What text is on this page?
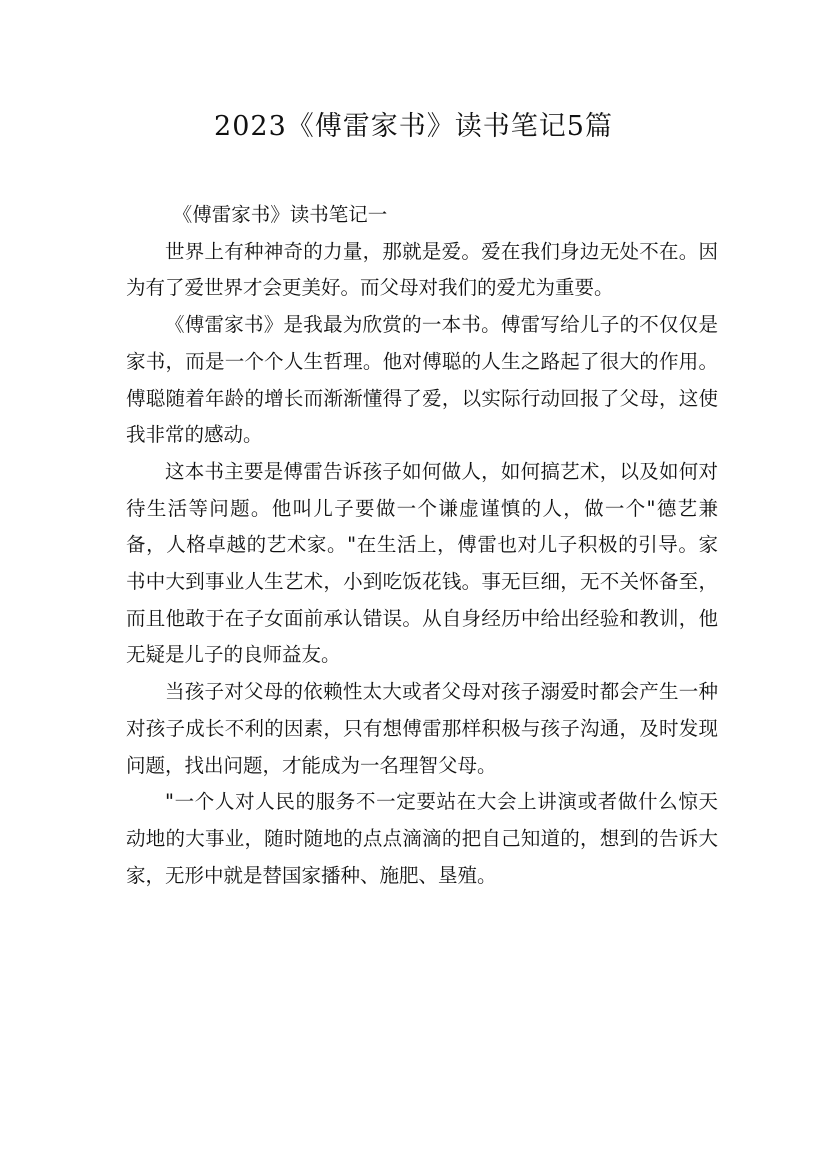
2023《傅雷家书》读书笔记5篇

《傅雷家书》读书笔记一

世界上有种神奇的力量，那就是爱。爱在我们身边无处不在。因为有了爱世界才会更美好。而父母对我们的爱尤为重要。

《傅雷家书》是我最为欣赏的一本书。傅雷写给儿子的不仅仅是家书，而是一个个人生哲理。他对傅聪的人生之路起了很大的作用。傅聪随着年龄的增长而渐渐懂得了爱，以实际行动回报了父母，这使我非常的感动。

这本书主要是傅雷告诉孩子如何做人，如何搞艺术，以及如何对待生活等问题。他叫儿子要做一个谦虚谨慎的人，做一个"德艺兼备，人格卓越的艺术家。"在生活上，傅雷也对儿子积极的引导。家书中大到事业人生艺术，小到吃饭花钱。事无巨细，无不关怀备至，而且他敢于在子女面前承认错误。从自身经历中给出经验和教训，他无疑是儿子的良师益友。

当孩子对父母的依赖性太大或者父母对孩子溺爱时都会产生一种对孩子成长不利的因素，只有想傅雷那样积极与孩子沟通，及时发现问题，找出问题，才能成为一名理智父母。

"一个人对人民的服务不一定要站在大会上讲演或者做什么惊天动地的大事业，随时随地的点点滴滴的把自己知道的，想到的告诉大家，无形中就是替国家播种、施肥、垦殖。
